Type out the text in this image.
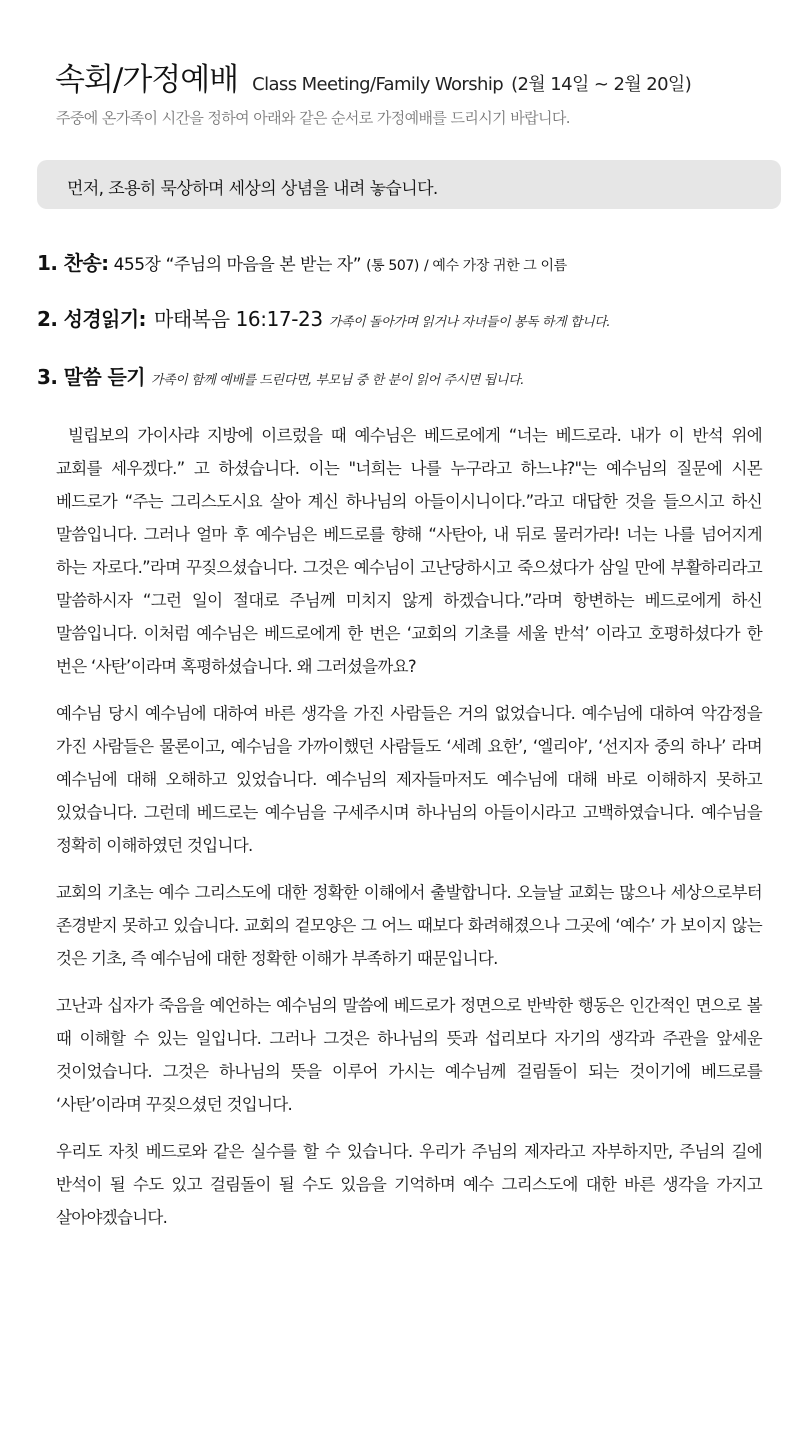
속회/가정예배 Class Meeting/Family Worship (2월 14일 ~ 2월 20일)
주중에 온가족이 시간을 정하여 아래와 같은 순서로 가정예배를 드리시기 바랍니다.
먼저, 조용히 묵상하며 세상의 상념을 내려 놓습니다.
1. 찬송: 455장 “주님의 마음을 본 받는 자” (통 507) / 예수 가장 귀한 그 이름
2. 성경읽기: 마태복음 16:17-23 가족이 돌아가며 읽거나 자녀들이 봉독 하게 합니다.
3. 말씀 듣기 가족이 함께 예배를 드린다면, 부모님 중 한 분이 읽어 주시면 됩니다.

빌립보의 가이사랴 지방에 이르렀을 때 예수님은 베드로에게 “너는 베드로라. 내가 이 반석 위에 교회를 세우겠다.” 고 하셨습니다. 이는 "너희는 나를 누구라고 하느냐?"는 예수님의 질문에 시몬 베드로가 “주는 그리스도시요 살아 계신 하나님의 아들이시니이다.”라고 대답한 것을 들으시고 하신 말씀입니다. 그러나 얼마 후 예수님은 베드로를 향해 “사탄아, 내 뒤로 물러가라! 너는 나를 넘어지게 하는 자로다.”라며 꾸짖으셨습니다. 그것은 예수님이 고난당하시고 죽으셨다가 삼일 만에 부활하리라고 말씀하시자 “그런 일이 절대로 주님께 미치지 않게 하겠습니다.”라며 항변하는 베드로에게 하신 말씀입니다. 이처럼 예수님은 베드로에게 한 번은 ‘교회의 기초를 세울 반석’ 이라고 호평하셨다가 한 번은 ‘사탄’이라며 혹평하셨습니다. 왜 그러셨을까요?

예수님 당시 예수님에 대하여 바른 생각을 가진 사람들은 거의 없었습니다. 예수님에 대하여 악감정을 가진 사람들은 물론이고, 예수님을 가까이했던 사람들도 ‘세례 요한’, ‘엘리야’, ‘선지자 중의 하나’ 라며 예수님에 대해 오해하고 있었습니다. 예수님의 제자들마저도 예수님에 대해 바로 이해하지 못하고 있었습니다. 그런데 베드로는 예수님을 구세주시며 하나님의 아들이시라고 고백하였습니다. 예수님을 정확히 이해하였던 것입니다.

교회의 기초는 예수 그리스도에 대한 정확한 이해에서 출발합니다. 오늘날 교회는 많으나 세상으로부터 존경받지 못하고 있습니다. 교회의 겉모양은 그 어느 때보다 화려해졌으나 그곳에 ‘예수’ 가 보이지 않는 것은 기초, 즉 예수님에 대한 정확한 이해가 부족하기 때문입니다.

고난과 십자가 죽음을 예언하는 예수님의 말씀에 베드로가 정면으로 반박한 행동은 인간적인 면으로 볼 때 이해할 수 있는 일입니다. 그러나 그것은 하나님의 뜻과 섭리보다 자기의 생각과 주관을 앞세운 것이었습니다. 그것은 하나님의 뜻을 이루어 가시는 예수님께 걸림돌이 되는 것이기에 베드로를 ‘사탄’이라며 꾸짖으셨던 것입니다.

우리도 자칫 베드로와 같은 실수를 할 수 있습니다. 우리가 주님의 제자라고 자부하지만, 주님의 길에 반석이 될 수도 있고 걸림돌이 될 수도 있음을 기억하며 예수 그리스도에 대한 바른 생각을 가지고 살아야겠습니다.
